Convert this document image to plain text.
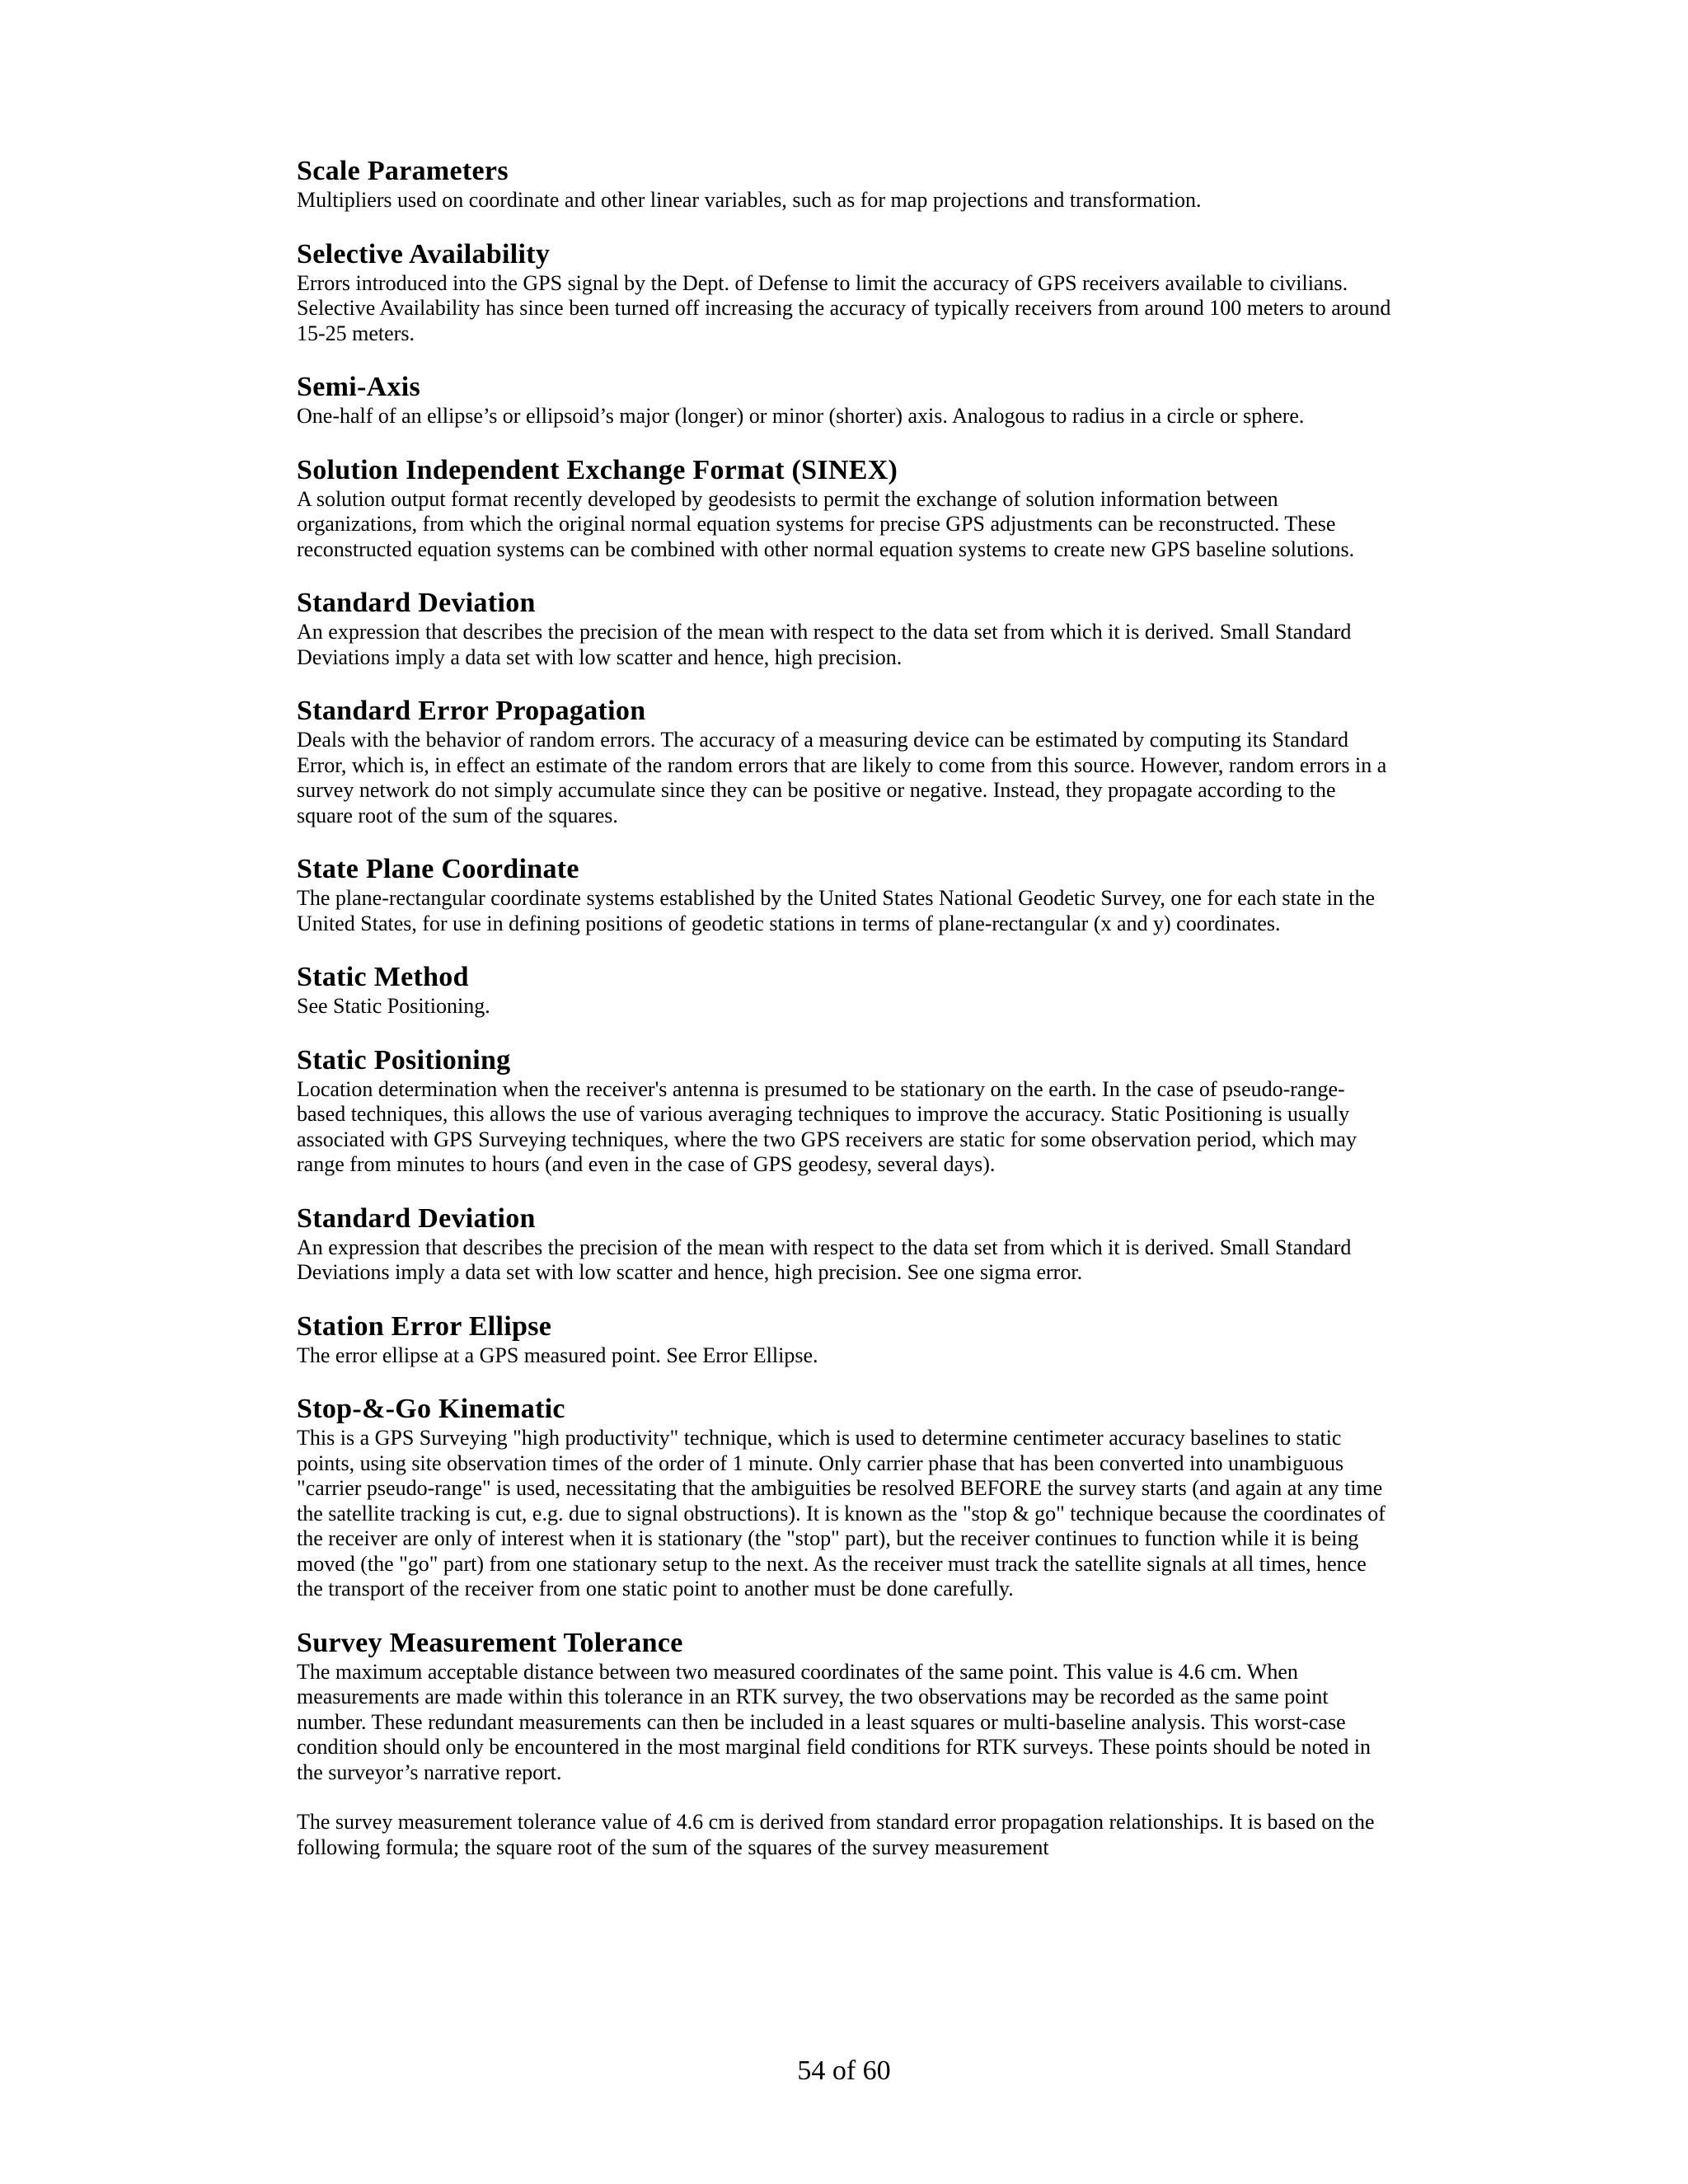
Scale Parameters

Multipliers used on coordinate and other linear variables, such as for map projections and transformation.

Selective Availability

Errors introduced into the GPS signal by the Dept. of Defense to limit the accuracy of GPS receivers available to civilians. Selective Availability has since been turned off increasing the accuracy of typically receivers from around 100 meters to around 15-25 meters.

Semi-Axis

One-half of an ellipse’s or ellipsoid’s major (longer) or minor (shorter) axis. Analogous to radius in a circle or sphere.

Solution Independent Exchange Format (SINEX)

A solution output format recently developed by geodesists to permit the exchange of solution information between organizations, from which the original normal equation systems for precise GPS adjustments can be reconstructed. These reconstructed equation systems can be combined with other normal equation systems to create new GPS baseline solutions.

Standard Deviation

An expression that describes the precision of the mean with respect to the data set from which it is derived. Small Standard Deviations imply a data set with low scatter and hence, high precision.

Standard Error Propagation

Deals with the behavior of random errors. The accuracy of a measuring device can be estimated by computing its Standard Error, which is, in effect an estimate of the random errors that are likely to come from this source. However, random errors in a survey network do not simply accumulate since they can be positive or negative. Instead, they propagate according to the square root of the sum of the squares.

State Plane Coordinate

The plane-rectangular coordinate systems established by the United States National Geodetic Survey, one for each state in the United States, for use in defining positions of geodetic stations in terms of plane-rectangular (x and y) coordinates.

Static Method

See Static Positioning.

Static Positioning

Location determination when the receiver's antenna is presumed to be stationary on the earth. In the case of pseudo-range-based techniques, this allows the use of various averaging techniques to improve the accuracy. Static Positioning is usually associated with GPS Surveying techniques, where the two GPS receivers are static for some observation period, which may range from minutes to hours (and even in the case of GPS geodesy, several days).

Standard Deviation

An expression that describes the precision of the mean with respect to the data set from which it is derived. Small Standard Deviations imply a data set with low scatter and hence, high precision. See one sigma error.

Station Error Ellipse

The error ellipse at a GPS measured point. See Error Ellipse.

Stop-&-Go Kinematic

This is a GPS Surveying "high productivity" technique, which is used to determine centimeter accuracy baselines to static points, using site observation times of the order of 1 minute. Only carrier phase that has been converted into unambiguous "carrier pseudo-range" is used, necessitating that the ambiguities be resolved BEFORE the survey starts (and again at any time the satellite tracking is cut, e.g. due to signal obstructions). It is known as the "stop & go" technique because the coordinates of the receiver are only of interest when it is stationary (the "stop" part), but the receiver continues to function while it is being moved (the "go" part) from one stationary setup to the next. As the receiver must track the satellite signals at all times, hence the transport of the receiver from one static point to another must be done carefully.

Survey Measurement Tolerance

The maximum acceptable distance between two measured coordinates of the same point. This value is 4.6 cm. When measurements are made within this tolerance in an RTK survey, the two observations may be recorded as the same point number. These redundant measurements can then be included in a least squares or multi-baseline analysis. This worst-case condition should only be encountered in the most marginal field conditions for RTK surveys. These points should be noted in the surveyor’s narrative report.

The survey measurement tolerance value of 4.6 cm is derived from standard error propagation relationships. It is based on the following formula; the square root of the sum of the squares of the survey measurement

54 of 60
